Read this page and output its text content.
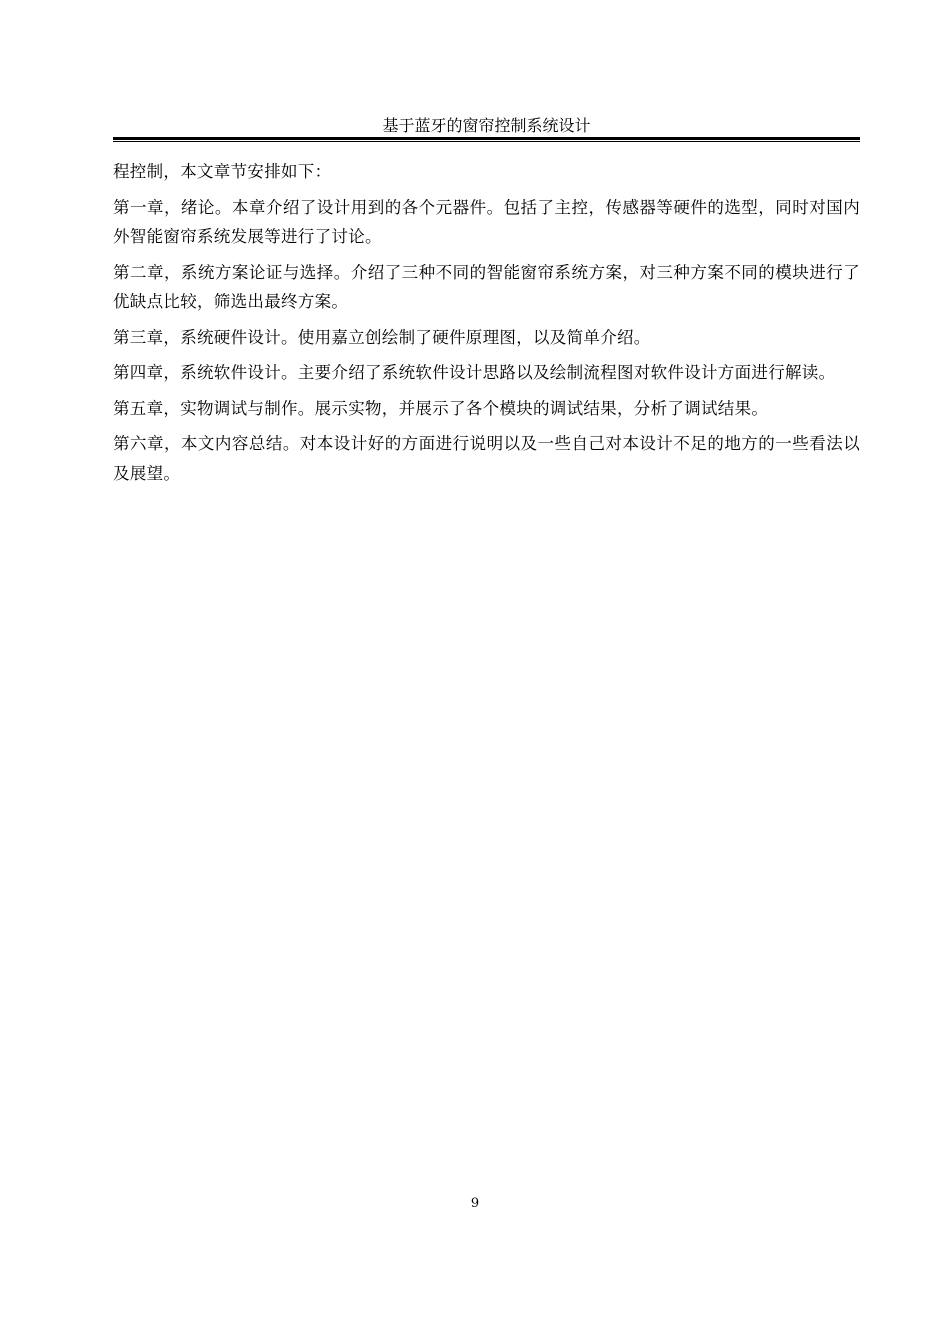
基于蓝牙的窗帘控制系统设计

程控制，本文章节安排如下：

第一章，绪论。本章介绍了设计用到的各个元器件。包括了主控，传感器等硬件的选型，同时对国内外智能窗帘系统发展等进行了讨论。

第二章，系统方案论证与选择。介绍了三种不同的智能窗帘系统方案，对三种方案不同的模块进行了优缺点比较，筛选出最终方案。

第三章，系统硬件设计。使用嘉立创绘制了硬件原理图，以及简单介绍。

第四章，系统软件设计。主要介绍了系统软件设计思路以及绘制流程图对软件设计方面进行解读。

第五章，实物调试与制作。展示实物，并展示了各个模块的调试结果，分析了调试结果。

第六章，本文内容总结。对本设计好的方面进行说明以及一些自己对本设计不足的地方的一些看法以及展望。

9
